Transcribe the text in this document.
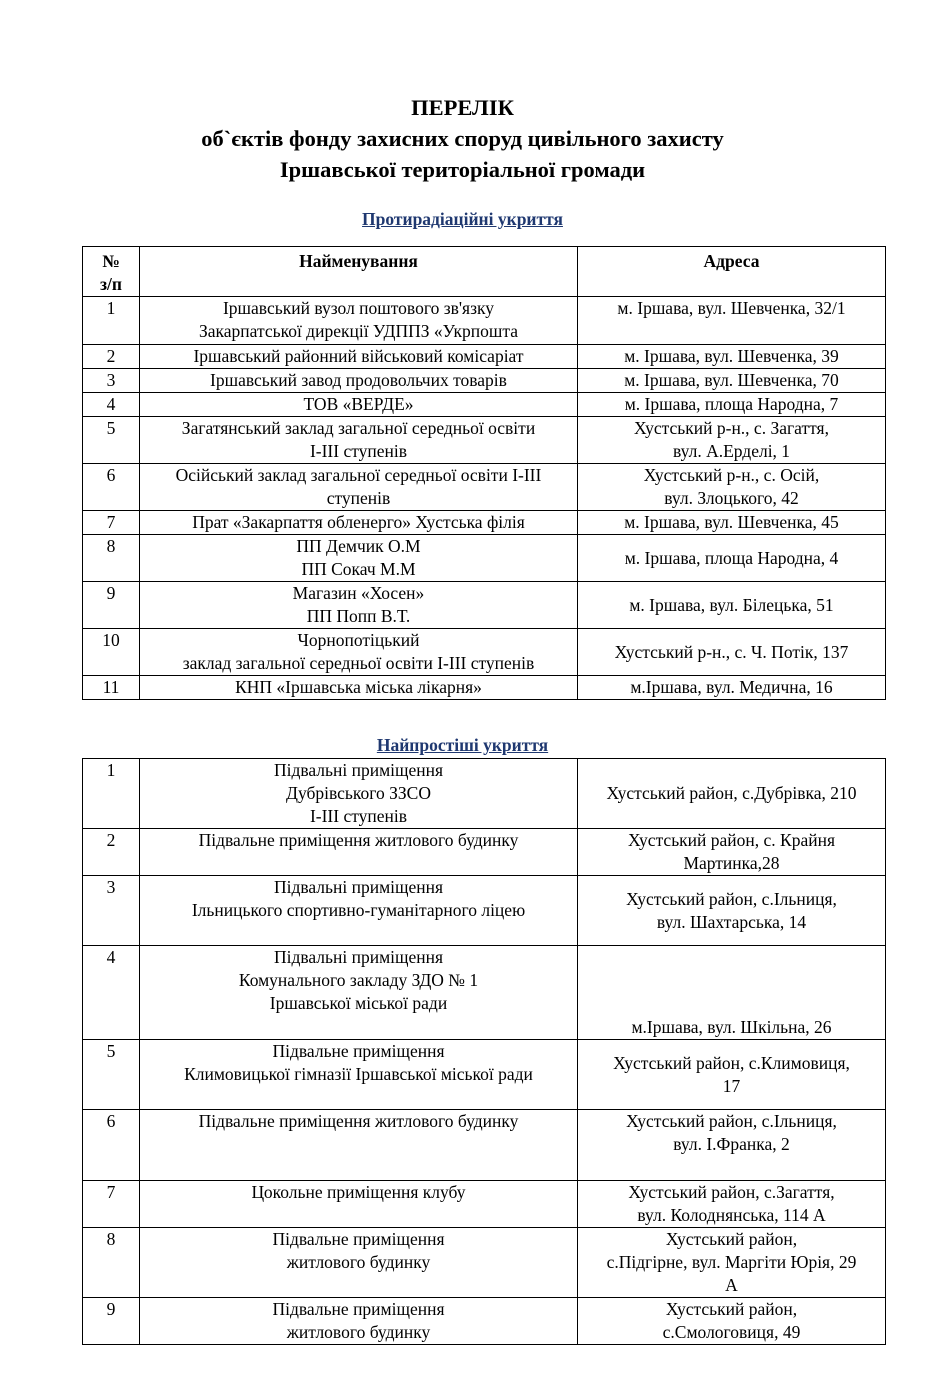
ПЕРЕЛІК
об`єктів фонду захисних споруд цивільного захисту
Іршавської територіальної громади
Протирадіаційні укриття
№
з/п	Найменування	Адреса
1	Іршавський вузол поштового зв'язку
Закарпатської дирекції УДППЗ «Укрпошта	м. Іршава, вул. Шевченка, 32/1

2	Іршавський районний військовий комісаріат	м. Іршава, вул. Шевченка, 39

3	Іршавський завод продовольчих товарів	м. Іршава, вул. Шевченка, 70

4	ТОВ «ВЕРДЕ»	м. Іршава, площа Народна, 7

5	Загатянський заклад загальної середньої освіти
І-ІІІ ступенів	Хустський р-н., с. Загаття,
вул. А.Ерделі, 1

6	Осійський заклад загальної середньої освіти І-ІІІ
ступенів	Хустський р-н., с. Осій,
вул. Злоцького, 42

7	Прат «Закарпаття обленерго» Хустська філія	м. Іршава, вул. Шевченка, 45

8	ПП Демчик О.М
ПП Сокач М.М	м. Іршава, площа Народна, 4

9	Магазин «Хосен»
ПП Попп В.Т.	м. Іршава, вул. Білецька, 51

10	Чорнопотіцький
заклад загальної середньої освіти І-ІІІ ступенів	Хустський р-н., с. Ч. Потік, 137

11	КНП «Іршавська міська лікарня»	м.Іршава, вул. Медична, 16
Найпростіші укриття
1	Підвальні приміщення
Дубрівського ЗЗСО
І-ІІІ ступенів	Хустський район, с.Дубрівка, 210

2	Підвальне приміщення житлового будинку	Хустський район, с. Крайня
Мартинка,28

3	Підвальні приміщення
Ільницького спортивно-гуманітарного ліцею	Хустський район, с.Ільниця,
вул. Шахтарська, 14

4	Підвальні приміщення
Комунального закладу ЗДО № 1
Іршавської міської ради	м.Іршава, вул. Шкільна, 26

5	Підвальне приміщення
Климовицької гімназії Іршавської міської ради	Хустський район, с.Климовиця,
17

6	Підвальне приміщення житлового будинку	Хустський район, с.Ільниця,
вул. І.Франка, 2

7	Цокольне приміщення клубу	Хустський район, с.Загаття,
вул. Колоднянська, 114 А

8	Підвальне приміщення
житлового будинку	Хустський район,
с.Підгірне, вул. Маргіти Юрія, 29
А

9	Підвальне приміщення
житлового будинку	Хустський район,
с.Смологовиця, 49
